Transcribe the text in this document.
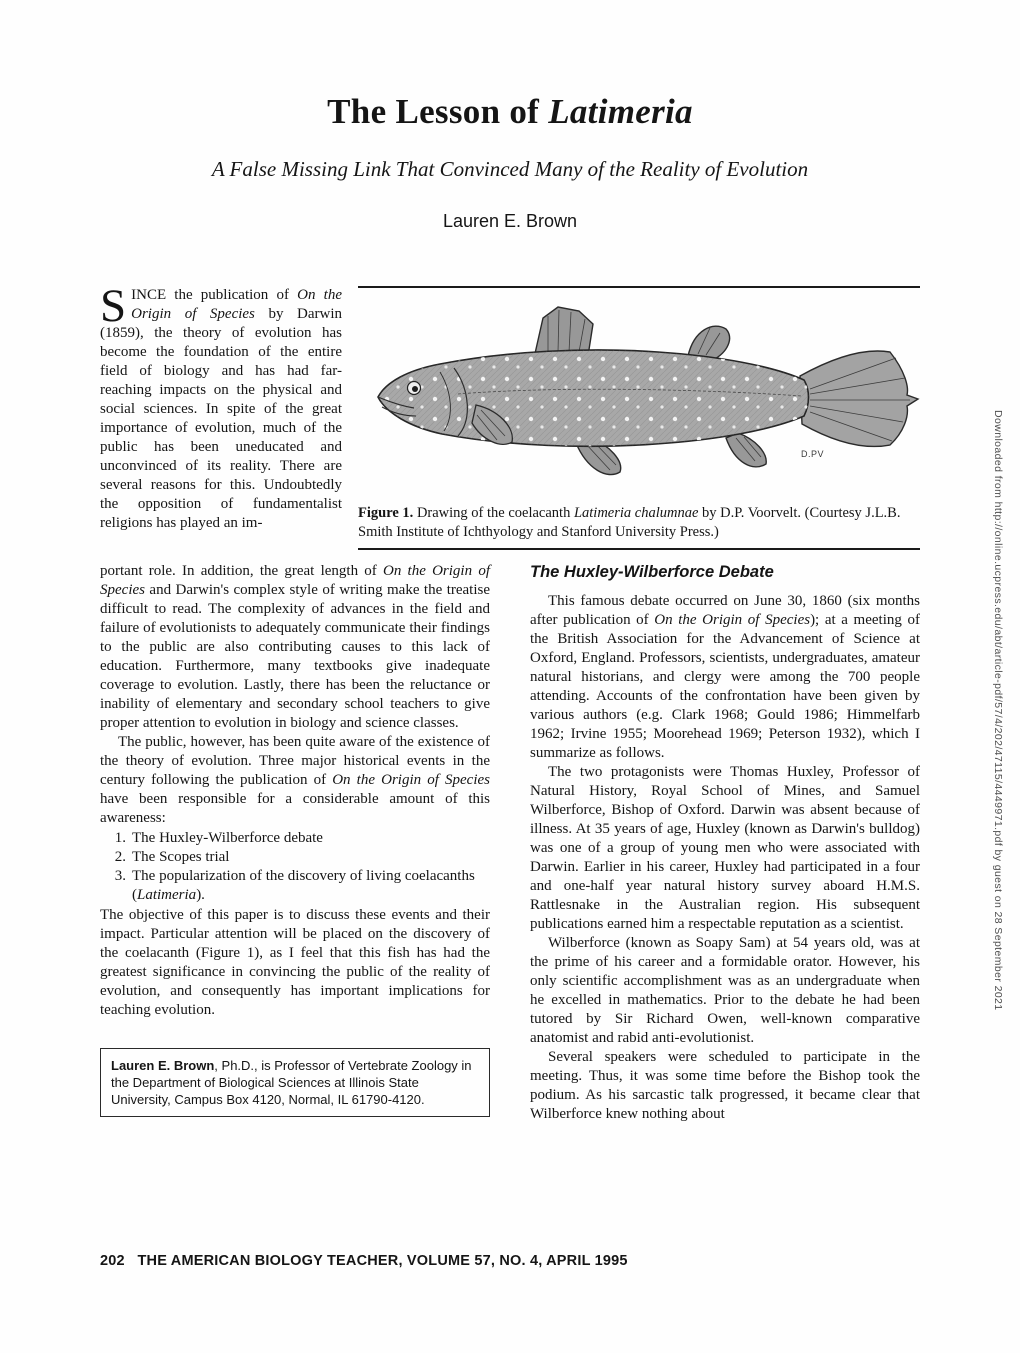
Downloaded from http://online.ucpress.edu/abt/article-pdf/57/4/202/47115/4449971.pdf by guest on 28 September 2021
The Lesson of Latimeria
A False Missing Link That Convinced Many of the Reality of Evolution
Lauren E. Brown

SINCE the publication of On the Origin of Species by Darwin (1859), the theory of evolution has become the foundation of the entire field of biology and has had far-reaching impacts on the physical and social sciences. In spite of the great importance of evolution, much of the public has been uneducated and unconvinced of its reality. There are several reasons for this. Undoubtedly the opposition of fundamentalist religions has played an im-

D.PV
Figure 1. Drawing of the coelacanth Latimeria chalumnae by D.P. Voorvelt. (Courtesy J.L.B. Smith Institute of Ichthyology and Stanford University Press.)

portant role. In addition, the great length of On the Origin of Species and Darwin's complex style of writing make the treatise difficult to read. The complexity of advances in the field and failure of evolutionists to adequately communicate their findings to the public are also contributing causes to this lack of education. Furthermore, many textbooks give inadequate coverage to evolution. Lastly, there has been the reluctance or inability of elementary and secondary school teachers to give proper attention to evolution in biology and science classes.

The public, however, has been quite aware of the existence of the theory of evolution. Three major historical events in the century following the publication of On the Origin of Species have been responsible for a considerable amount of this awareness:

1. The Huxley-Wilberforce debate
2. The Scopes trial
3. The popularization of the discovery of living coelacanths (Latimeria).

The objective of this paper is to discuss these events and their impact. Particular attention will be placed on the discovery of the coelacanth (Figure 1), as I feel that this fish has had the greatest significance in convincing the public of the reality of evolution, and consequently has important implications for teaching evolution.

Lauren E. Brown, Ph.D., is Professor of Vertebrate Zoology in the Department of Biological Sciences at Illinois State University, Campus Box 4120, Normal, IL 61790-4120.
The Huxley-Wilberforce Debate

This famous debate occurred on June 30, 1860 (six months after publication of On the Origin of Species); at a meeting of the British Association for the Advancement of Science at Oxford, England. Professors, scientists, undergraduates, amateur natural historians, and clergy were among the 700 people attending. Accounts of the confrontation have been given by various authors (e.g. Clark 1968; Gould 1986; Himmelfarb 1962; Irvine 1955; Moorehead 1969; Peterson 1932), which I summarize as follows.

The two protagonists were Thomas Huxley, Professor of Natural History, Royal School of Mines, and Samuel Wilberforce, Bishop of Oxford. Darwin was absent because of illness. At 35 years of age, Huxley (known as Darwin's bulldog) was one of a group of young men who were associated with Darwin. Earlier in his career, Huxley had participated in a four and one-half year natural history survey aboard H.M.S. Rattlesnake in the Australian region. His subsequent publications earned him a respectable reputation as a scientist.

Wilberforce (known as Soapy Sam) at 54 years old, was at the prime of his career and a formidable orator. However, his only scientific accomplishment was as an undergraduate when he excelled in mathematics. Prior to the debate he had been tutored by Sir Richard Owen, well-known comparative anatomist and rabid anti-evolutionist.

Several speakers were scheduled to participate in the meeting. Thus, it was some time before the Bishop took the podium. As his sarcastic talk progressed, it became clear that Wilberforce knew nothing about

202   THE AMERICAN BIOLOGY TEACHER, VOLUME 57, NO. 4, APRIL 1995
